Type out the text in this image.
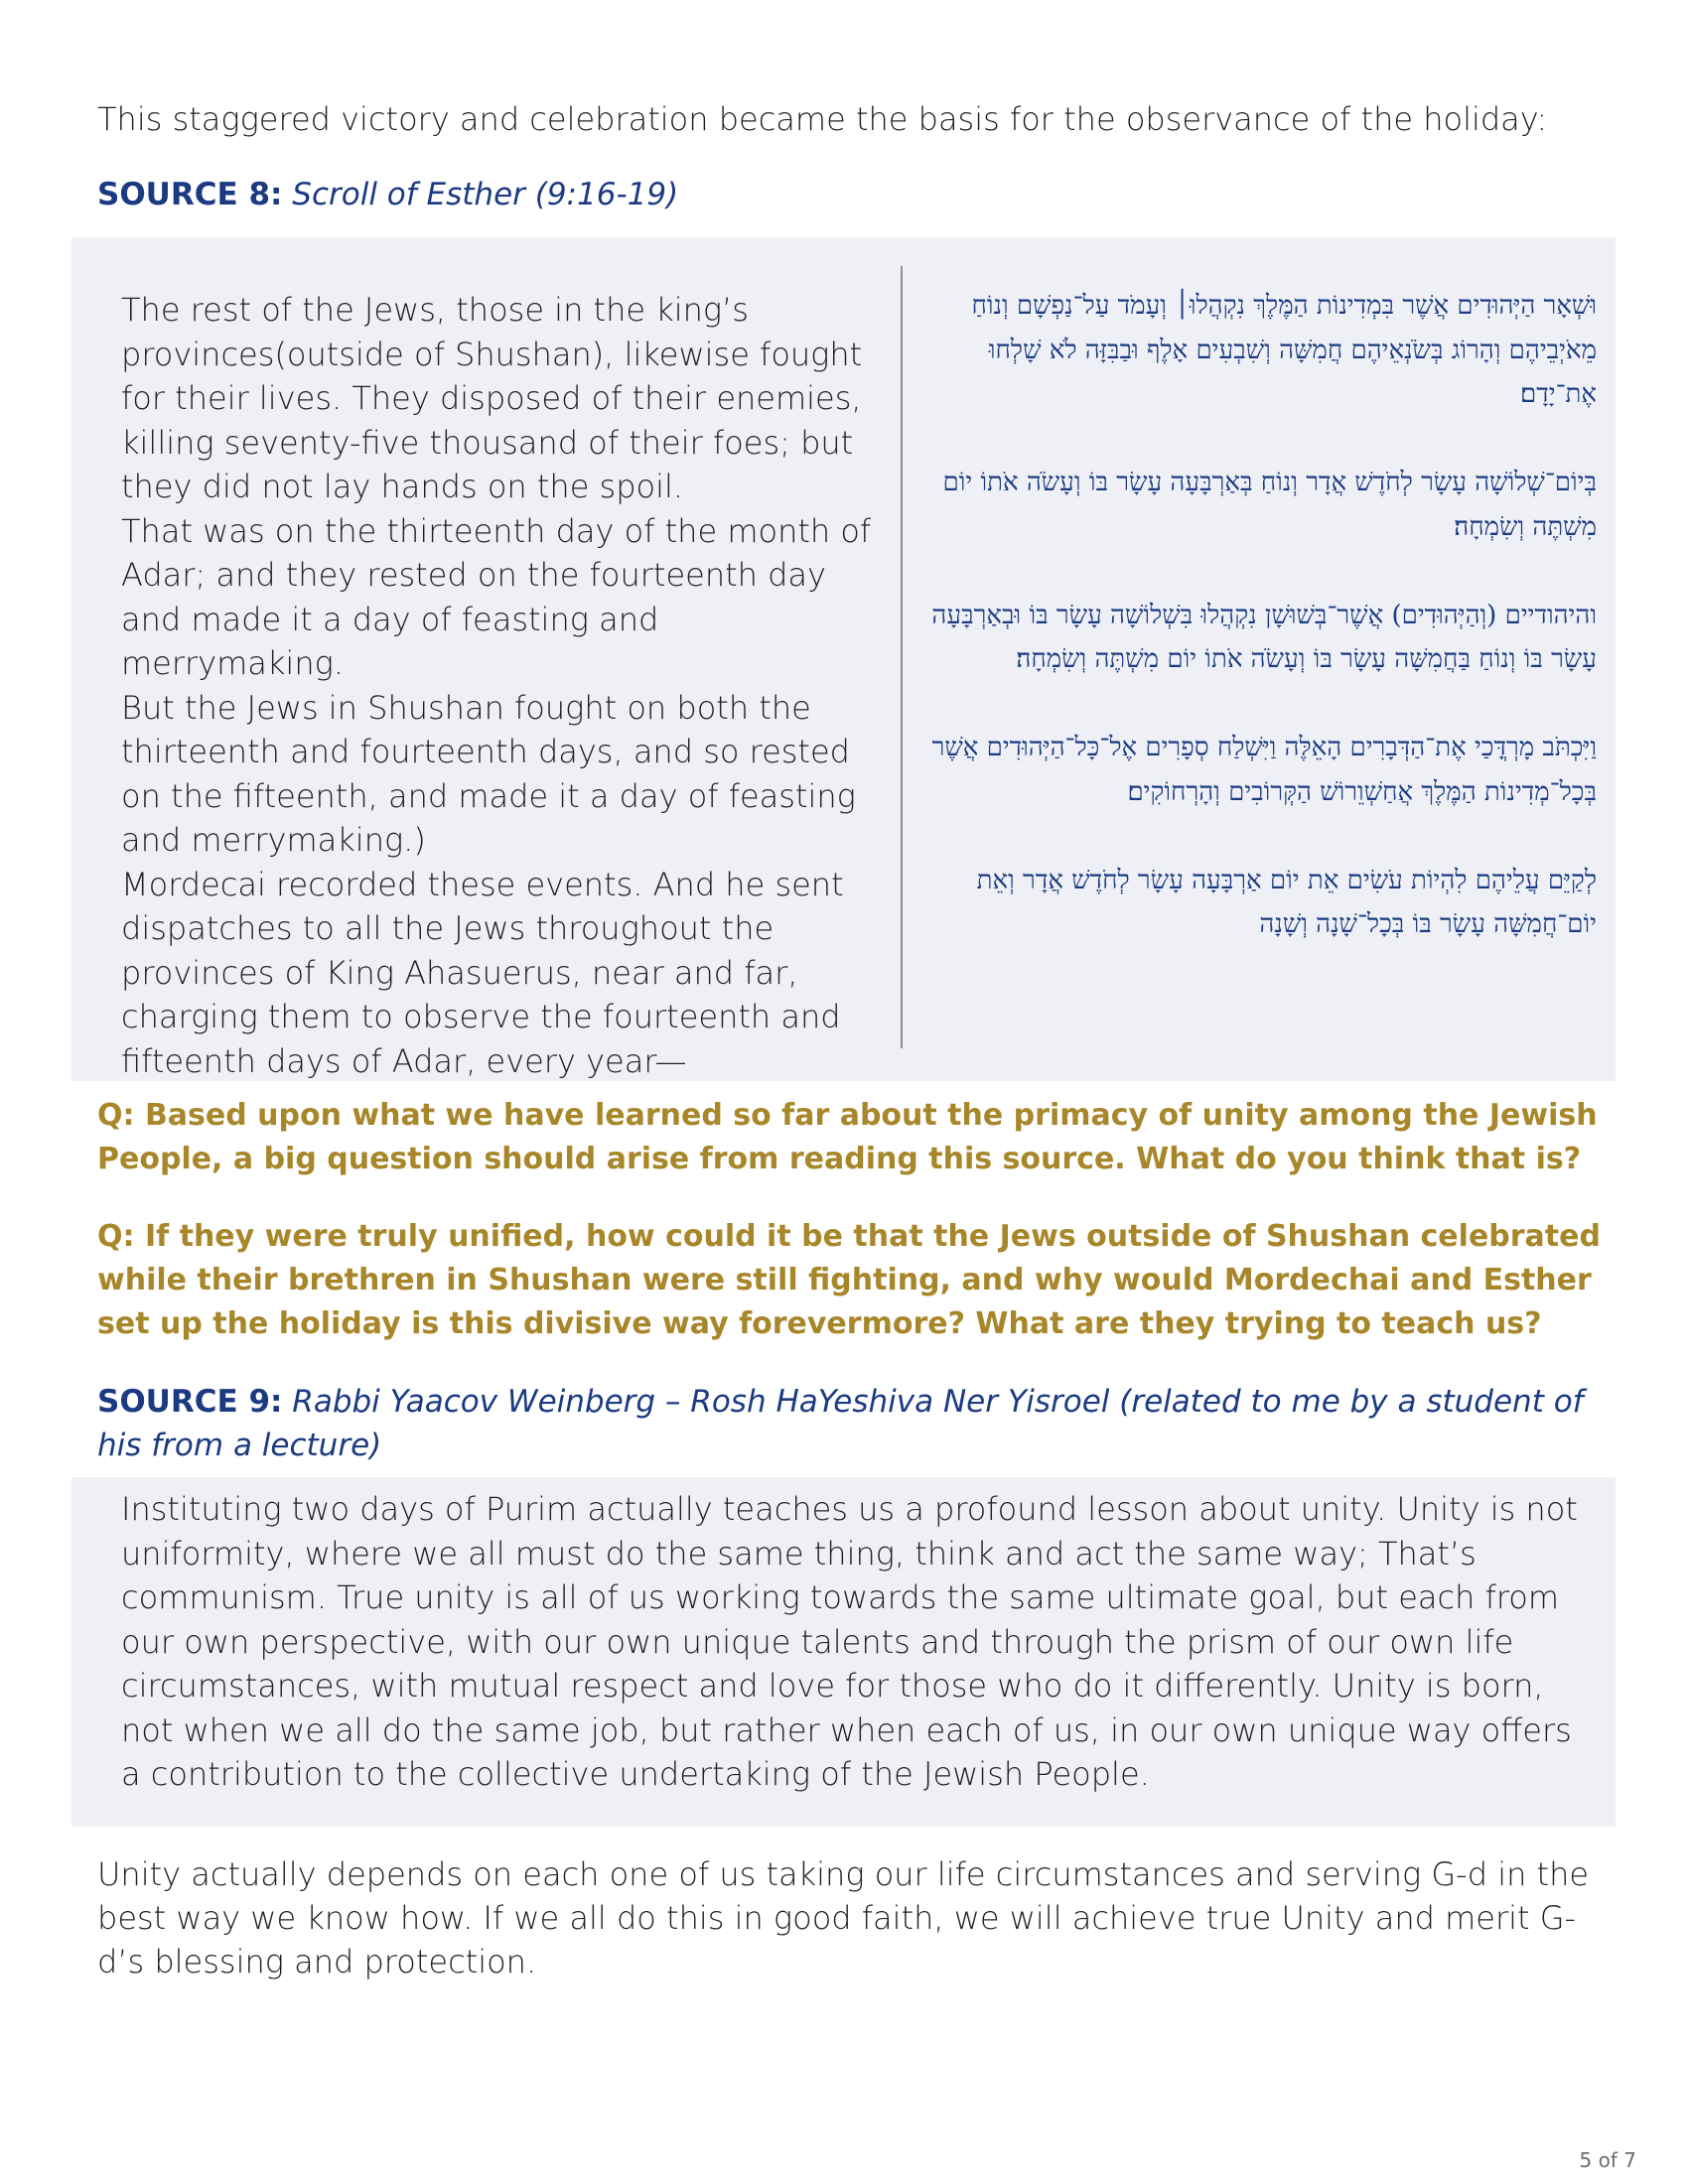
This staggered victory and celebration became the basis for the observance of the holiday:
SOURCE 8: Scroll of Esther (9:16-19)

The rest of the Jews, those in the king’s provinces(outside of Shushan), likewise fought for their lives. They disposed of their enemies, killing seventy-five thousand of their foes; but they did not lay hands on the spoil.

That was on the thirteenth day of the month of Adar; and they rested on the fourteenth day and made it a day of feasting and merrymaking.

But the Jews in Shushan fought on both the thirteenth and fourteenth days, and so rested on the fifteenth, and made it a day of feasting and merrymaking.)

Mordecai recorded these events. And he sent dispatches to all the Jews throughout the provinces of King Ahasuerus, near and far, charging them to observe the fourteenth and fifteenth days of Adar, every year—

וּשְׁאָר הַיְּהוּדִים אֲשֶׁר בִּמְדִינוֹת הַמֶּלֶךְ נִקְהֲלוּ׀ וְעָמֹד עַל־נַפְשָׁם וְנוֹחַ מֵאֹיְבֵיהֶם וְהָרוֹג בְּשֹׂנְאֵיהֶם חֲמִשָּׁה וְשִׁבְעִים אָלֶף וּבַבִּזָּה לֹא שָׁלְחוּ אֶת־יָדָם׃

בְּיוֹם־שְׁלוֹשָׁה עָשָׂר לְחֹדֶשׁ אֲדָר וְנוֹחַ בְּאַרְבָּעָה עָשָׂר בּוֹ וְעָשֹׂה אֹתוֹ יוֹם מִשְׁתֶּה וְשִׂמְחָה׃

והיהודיים (וְהַיְּהוּדִים) אֲשֶׁר־בְּשׁוּשָׁן נִקְהֲלוּ בִּשְׁלוֹשָׁה עָשָׂר בּוֹ וּבְאַרְבָּעָה עָשָׂר בּוֹ וְנוֹחַ בַּחֲמִשָּׁה עָשָׂר בּוֹ וְעָשֹׂה אֹתוֹ יוֹם מִשְׁתֶּה וְשִׂמְחָה׃

וַיִּכְתֹּב מָרְדֳּכַי אֶת־הַדְּבָרִים הָאֵלֶּה וַיִּשְׁלַח סְפָרִים אֶל־כָּל־הַיְּהוּדִים אֲשֶׁר בְּכָל־מְדִינוֹת הַמֶּלֶךְ אֲחַשְׁוֵרוֹשׁ הַקְּרוֹבִים וְהָרְחוֹקִים׃

לְקַיֵּם עֲלֵיהֶם לִהְיוֹת עֹשִׂים אֵת יוֹם אַרְבָּעָה עָשָׂר לְחֹדֶשׁ אֲדָר וְאֵת יוֹם־חֲמִשָּׁה עָשָׂר בּוֹ בְּכָל־שָׁנָה וְשָׁנָה

Q: Based upon what we have learned so far about the primacy of unity among the Jewish People, a big question should arise from reading this source. What do you think that is?
Q: If they were truly unified, how could it be that the Jews outside of Shushan celebrated while their brethren in Shushan were still fighting, and why would Mordechai and Esther set up the holiday is this divisive way forevermore? What are they trying to teach us?
SOURCE 9: Rabbi Yaacov Weinberg – Rosh HaYeshiva Ner Yisroel (related to me by a student of his from a lecture)
Instituting two days of Purim actually teaches us a profound lesson about unity. Unity is not uniformity, where we all must do the same thing, think and act the same way; That’s communism. True unity is all of us working towards the same ultimate goal, but each from our own perspective, with our own unique talents and through the prism of our own life circumstances, with mutual respect and love for those who do it differently. Unity is born, not when we all do the same job, but rather when each of us, in our own unique way offers a contribution to the collective undertaking of the Jewish People.
Unity actually depends on each one of us taking our life circumstances and serving G-d in the best way we know how. If we all do this in good faith, we will achieve true Unity and merit G-d’s blessing and protection.
5 of 7
